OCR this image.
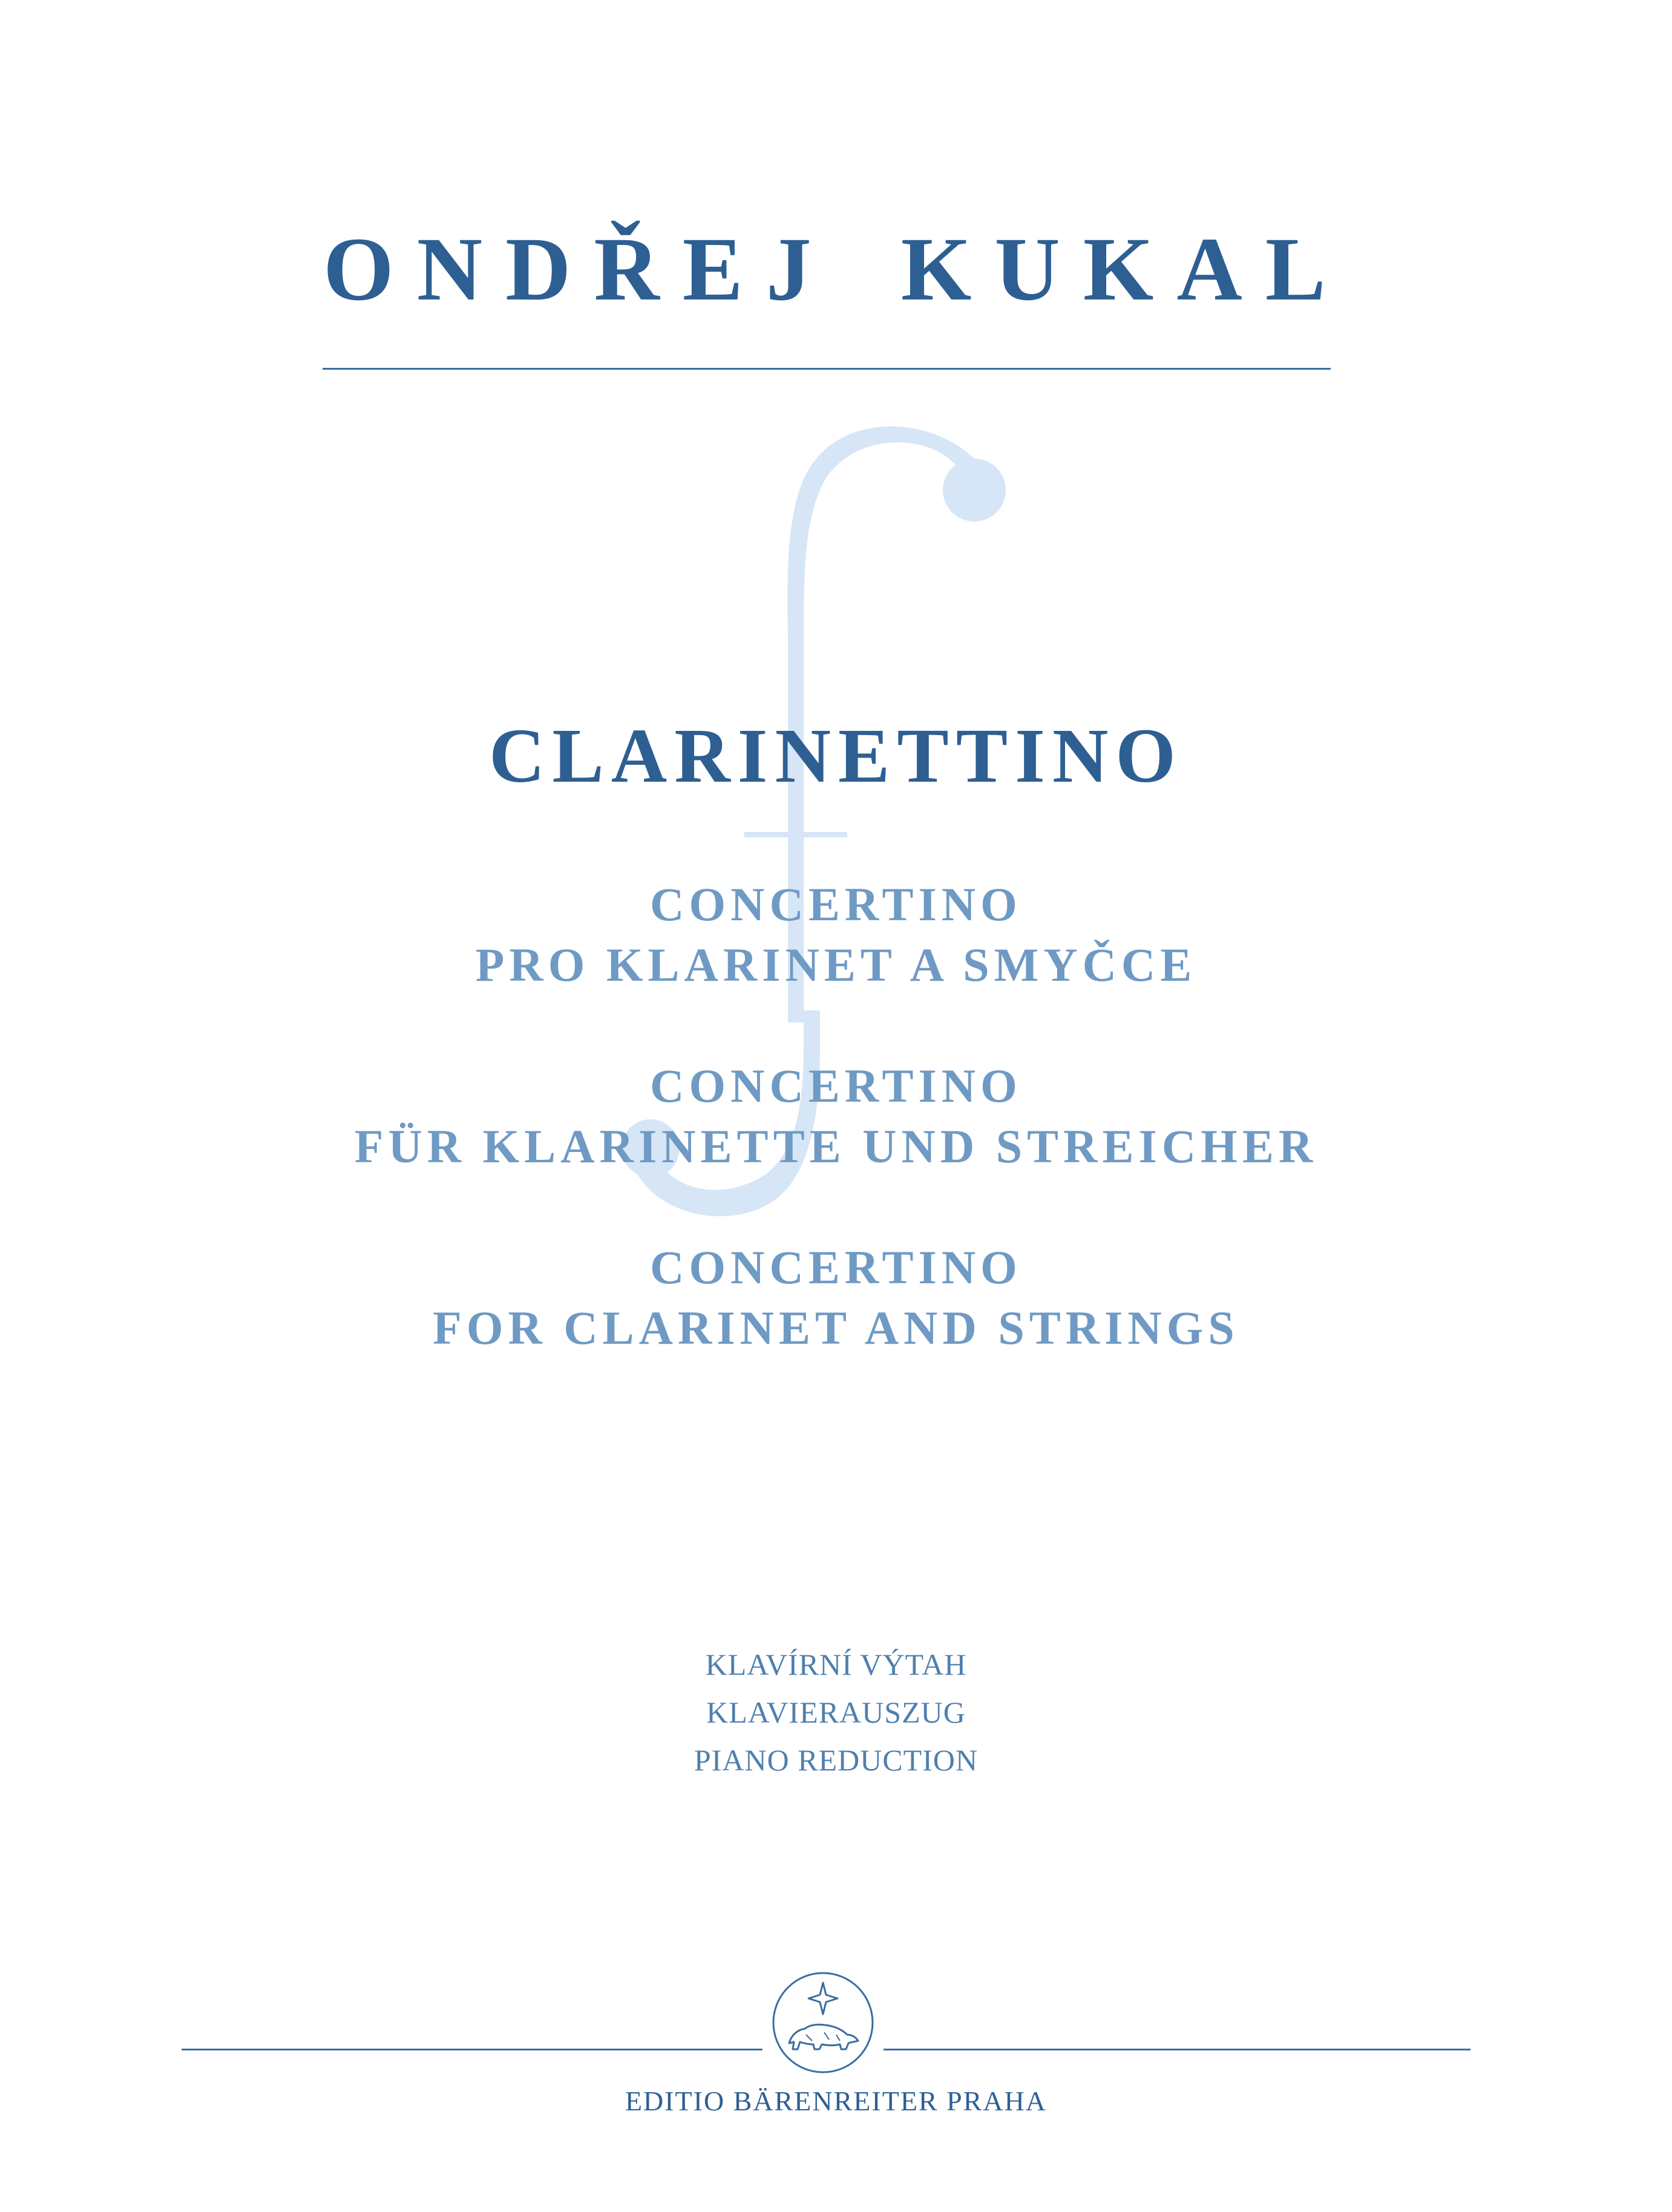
ONDŘEJ KUKAL
CLARINETTINO
CONCERTINO
PRO KLARINET A SMYČCE
CONCERTINO
FÜR KLARINETTE UND STREICHER
CONCERTINO
FOR CLARINET AND STRINGS
KLAVÍRNÍ VÝTAH
KLAVIERAUSZUG
PIANO REDUCTION
EDITIO BÄRENREITER PRAHA
